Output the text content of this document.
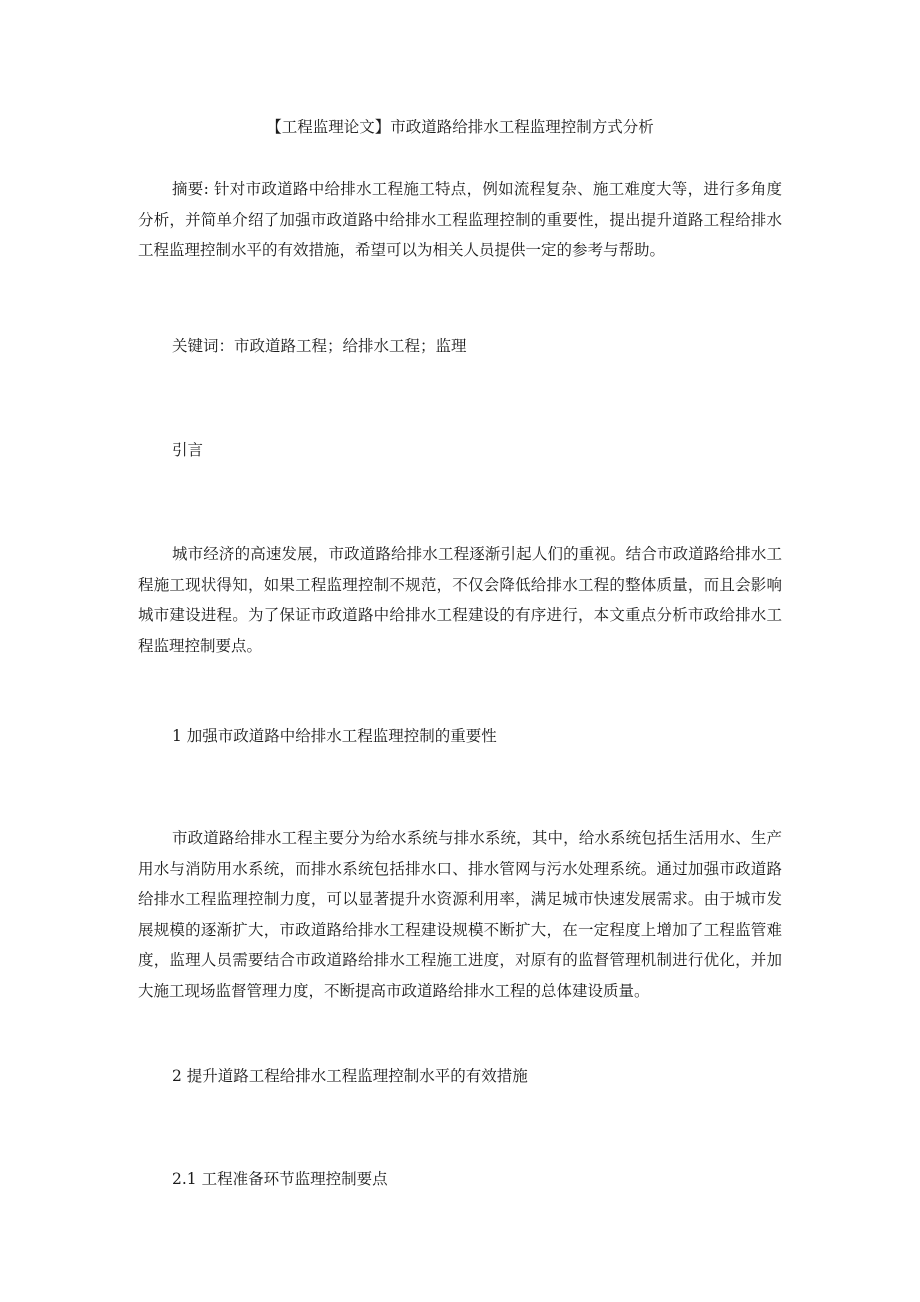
【工程监理论文】市政道路给排水工程监理控制方式分析

摘要: 针对市政道路中给排水工程施工特点，例如流程复杂、施工难度大等，进行多角度分析，并简单介绍了加强市政道路中给排水工程监理控制的重要性，提出提升道路工程给排水工程监理控制水平的有效措施，希望可以为相关人员提供一定的参考与帮助。

关键词：市政道路工程；给排水工程；监理

引言

城市经济的高速发展，市政道路给排水工程逐渐引起人们的重视。结合市政道路给排水工程施工现状得知，如果工程监理控制不规范，不仅会降低给排水工程的整体质量，而且会影响城市建设进程。为了保证市政道路中给排水工程建设的有序进行，本文重点分析市政给排水工程监理控制要点。

1 加强市政道路中给排水工程监理控制的重要性

市政道路给排水工程主要分为给水系统与排水系统，其中，给水系统包括生活用水、生产用水与消防用水系统，而排水系统包括排水口、排水管网与污水处理系统。通过加强市政道路给排水工程监理控制力度，可以显著提升水资源利用率，满足城市快速发展需求。由于城市发展规模的逐渐扩大，市政道路给排水工程建设规模不断扩大，在一定程度上增加了工程监管难度，监理人员需要结合市政道路给排水工程施工进度，对原有的监督管理机制进行优化，并加大施工现场监督管理力度，不断提高市政道路给排水工程的总体建设质量。

2 提升道路工程给排水工程监理控制水平的有效措施

2.1 工程准备环节监理控制要点
